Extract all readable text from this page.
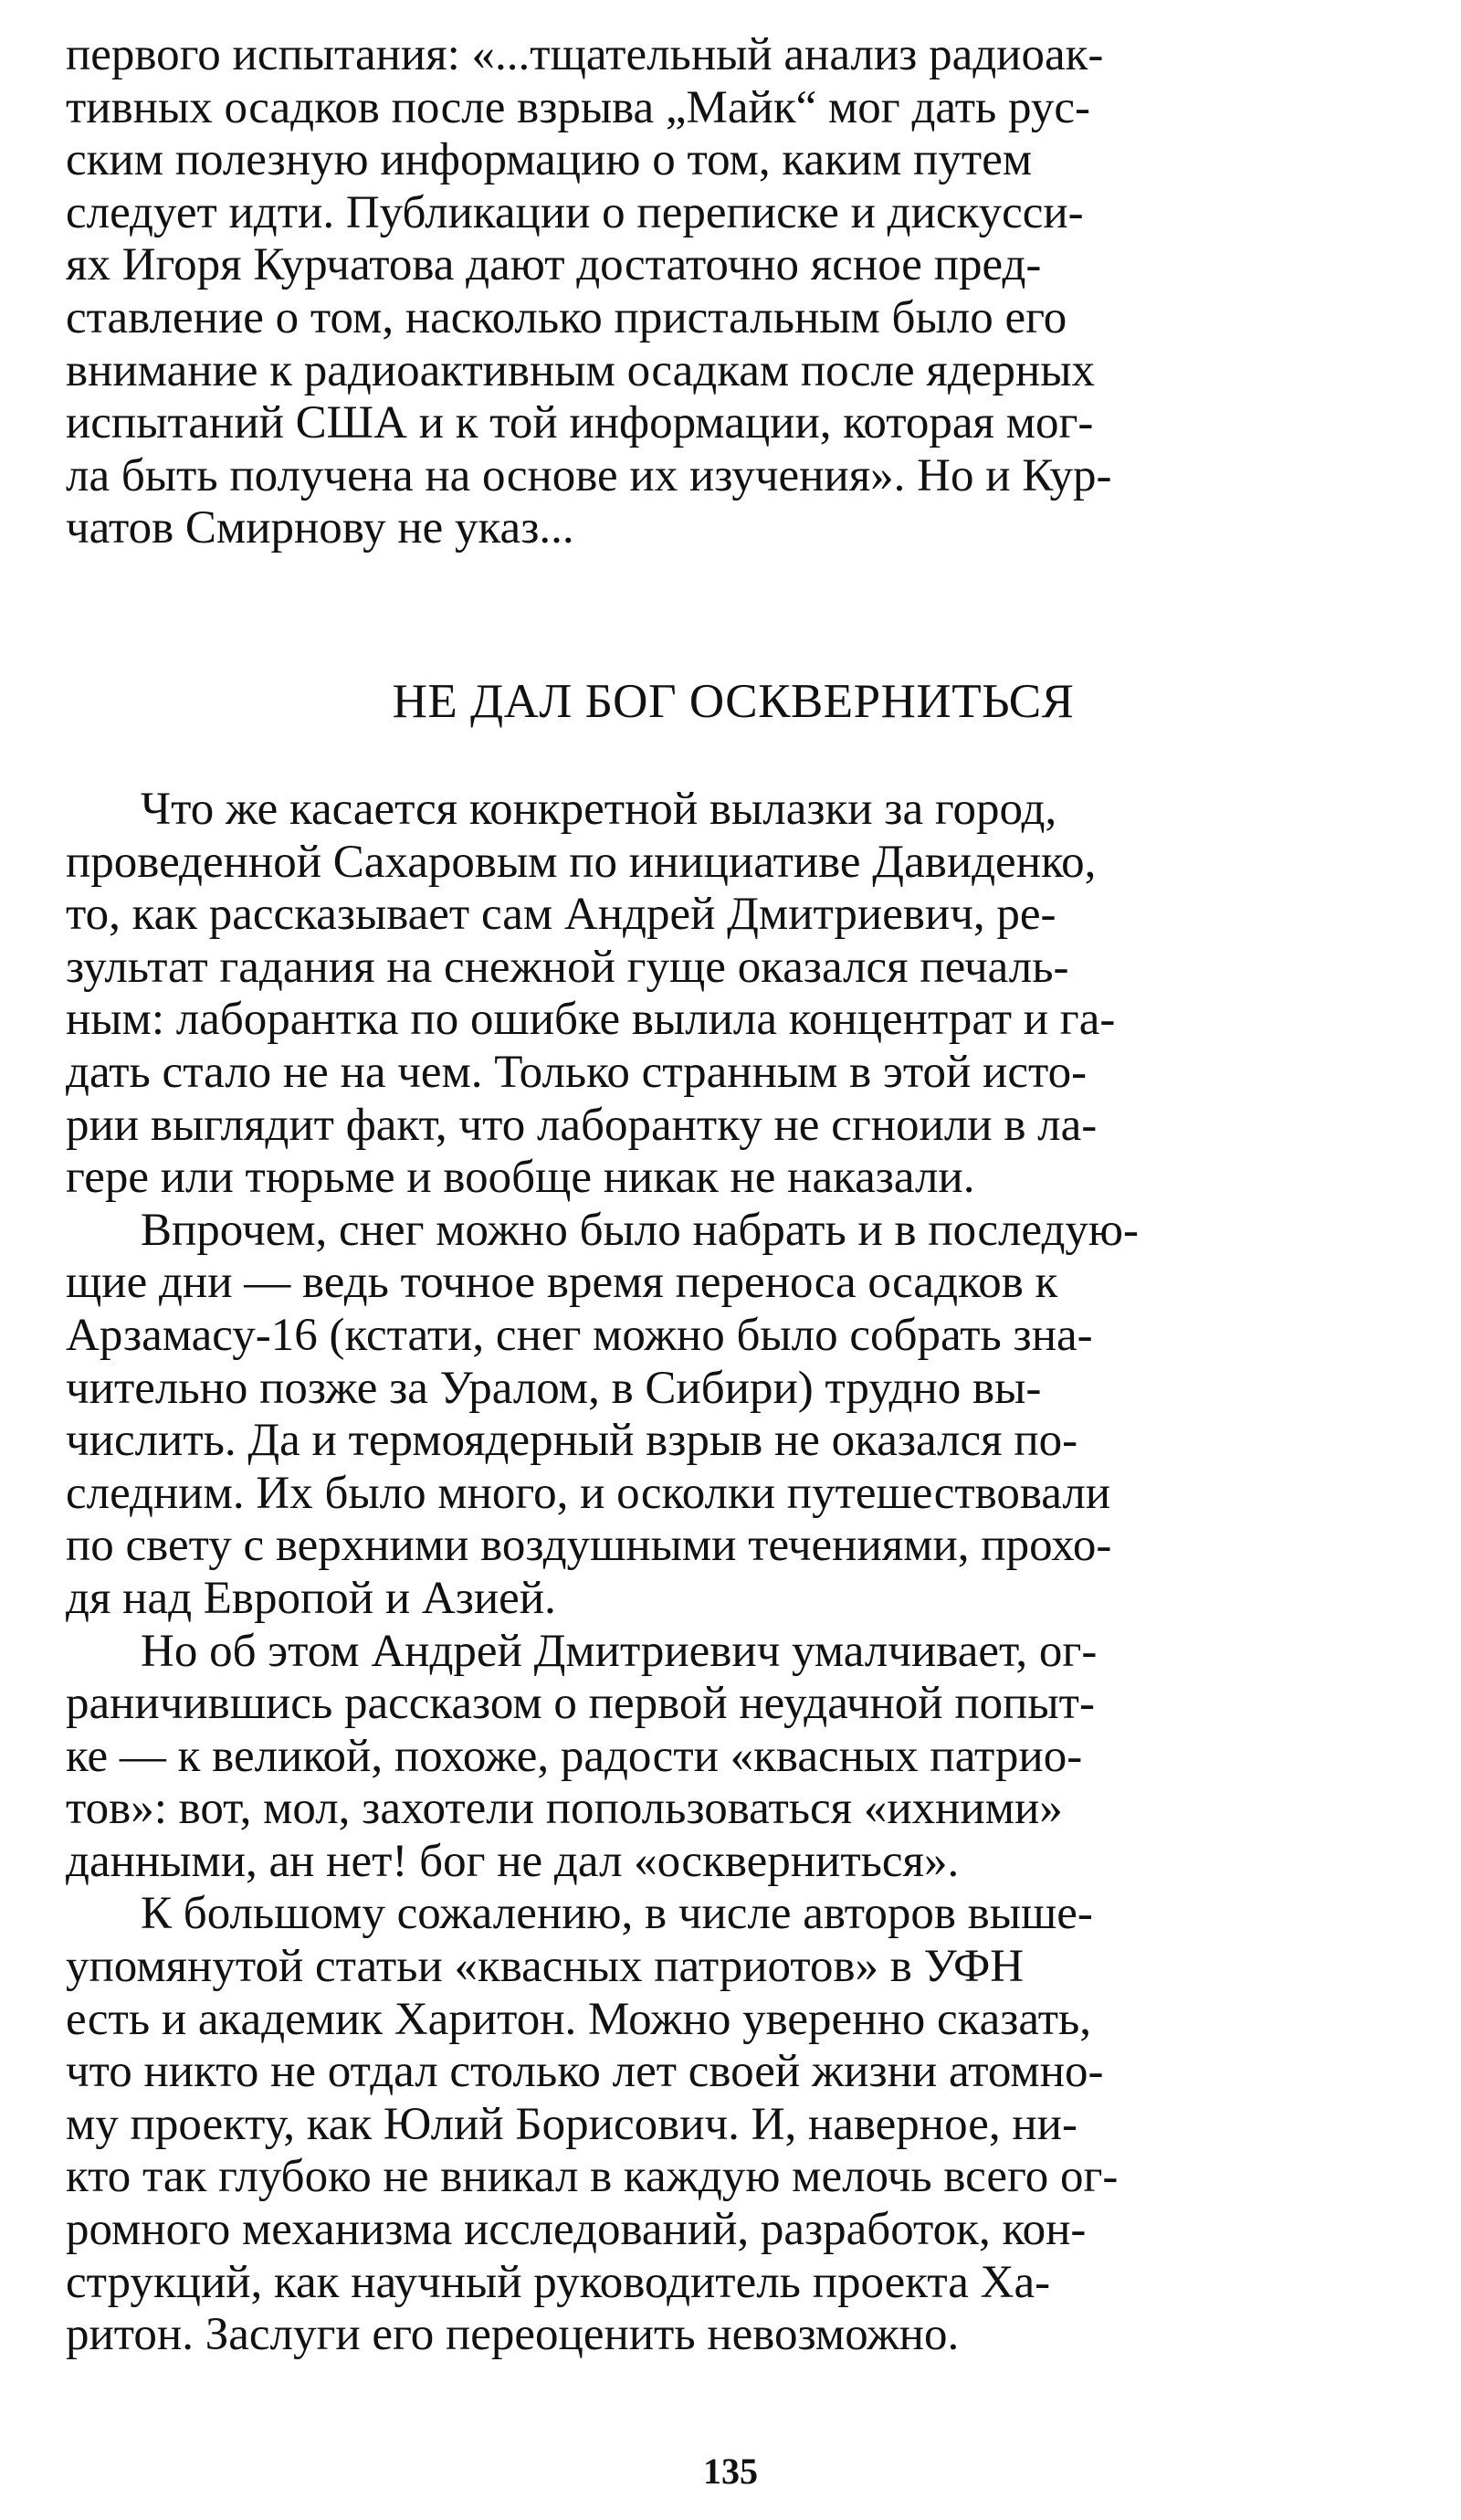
первого испытания: «...тщательный анализ радиоак-
тивных осадков после взрыва „Майк“ мог дать рус-
ским полезную информацию о том, каким путем
следует идти. Публикации о переписке и дискусси-
ях Игоря Курчатова дают достаточно ясное пред-
ставление о том, насколько пристальным было его
внимание к радиоактивным осадкам после ядерных
испытаний США и к той информации, которая мог-
ла быть получена на основе их изучения». Но и Кур-
чатов Смирнову не указ...

НЕ ДАЛ БОГ ОСКВЕРНИТЬСЯ

Что же касается конкретной вылазки за город,
проведенной Сахаровым по инициативе Давиденко,
то, как рассказывает сам Андрей Дмитриевич, ре-
зультат гадания на снежной гуще оказался печаль-
ным: лаборантка по ошибке вылила концентрат и га-
дать стало не на чем. Только странным в этой исто-
рии выглядит факт, что лаборантку не сгноили в ла-
гере или тюрьме и вообще никак не наказали.

Впрочем, снег можно было набрать и в последую-
щие дни — ведь точное время переноса осадков к
Арзамасу-16 (кстати, снег можно было собрать зна-
чительно позже за Уралом, в Сибири) трудно вы-
числить. Да и термоядерный взрыв не оказался по-
следним. Их было много, и осколки путешествовали
по свету с верхними воздушными течениями, прохо-
дя над Европой и Азией.

Но об этом Андрей Дмитриевич умалчивает, ог-
раничившись рассказом о первой неудачной попыт-
ке — к великой, похоже, радости «квасных патрио-
тов»: вот, мол, захотели попользоваться «ихними»
данными, ан нет! бог не дал «оскверниться».

К большому сожалению, в числе авторов выше-
упомянутой статьи «квасных патриотов» в УФН
есть и академик Харитон. Можно уверенно сказать,
что никто не отдал столько лет своей жизни атомно-
му проекту, как Юлий Борисович. И, наверное, ни-
кто так глубоко не вникал в каждую мелочь всего ог-
ромного механизма исследований, разработок, кон-
струкций, как научный руководитель проекта Ха-
ритон. Заслуги его переоценить невозможно.

135
